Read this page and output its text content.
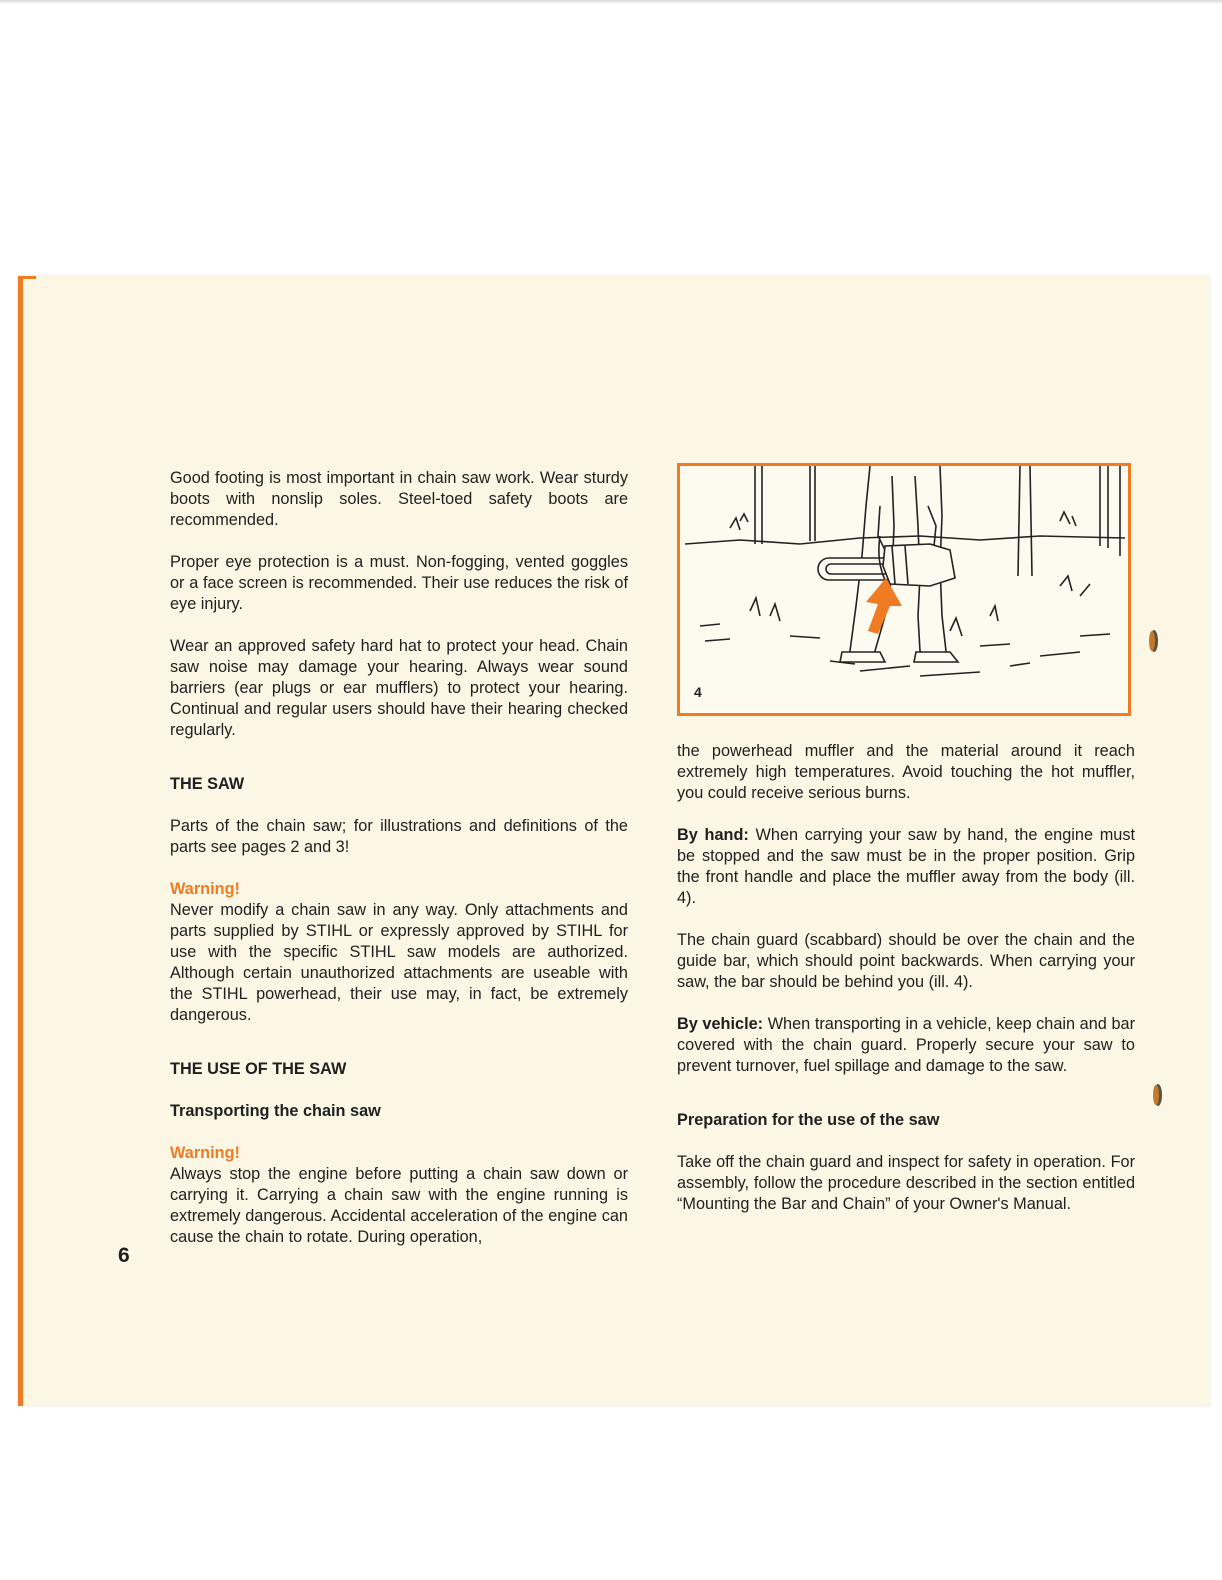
Good footing is most important in chain saw work. Wear sturdy boots with nonslip soles. Steel-toed safety boots are recommended.

Proper eye protection is a must. Non-fogging, vented goggles or a face screen is recommended. Their use reduces the risk of eye injury.

Wear an approved safety hard hat to protect your head. Chain saw noise may damage your hearing. Always wear sound barriers (ear plugs or ear mufflers) to protect your hearing. Continual and regular users should have their hearing checked regularly.

THE SAW

Parts of the chain saw; for illustrations and definitions of the parts see pages 2 and 3!

Warning!

Never modify a chain saw in any way. Only attachments and parts supplied by STIHL or expressly approved by STIHL for use with the specific STIHL saw models are authorized. Although certain unauthorized attachments are useable with the STIHL powerhead, their use may, in fact, be extremely dangerous.

THE USE OF THE SAW
Transporting the chain saw

Warning!

Always stop the engine before putting a chain saw down or carrying it. Carrying a chain saw with the engine running is extremely dangerous. Accidental acceleration of the engine can cause the chain to rotate. During operation,

6
4

the powerhead muffler and the material around it reach extremely high temperatures. Avoid touching the hot muffler, you could receive serious burns.

By hand: When carrying your saw by hand, the engine must be stopped and the saw must be in the proper position. Grip the front handle and place the muffler away from the body (ill. 4).

The chain guard (scabbard) should be over the chain and the guide bar, which should point backwards. When carrying your saw, the bar should be behind you (ill. 4).

By vehicle: When transporting in a vehicle, keep chain and bar covered with the chain guard. Properly secure your saw to prevent turnover, fuel spillage and damage to the saw.

Preparation for the use of the saw

Take off the chain guard and inspect for safety in operation. For assembly, follow the procedure described in the section entitled “Mounting the Bar and Chain” of your Owner's Manual.
